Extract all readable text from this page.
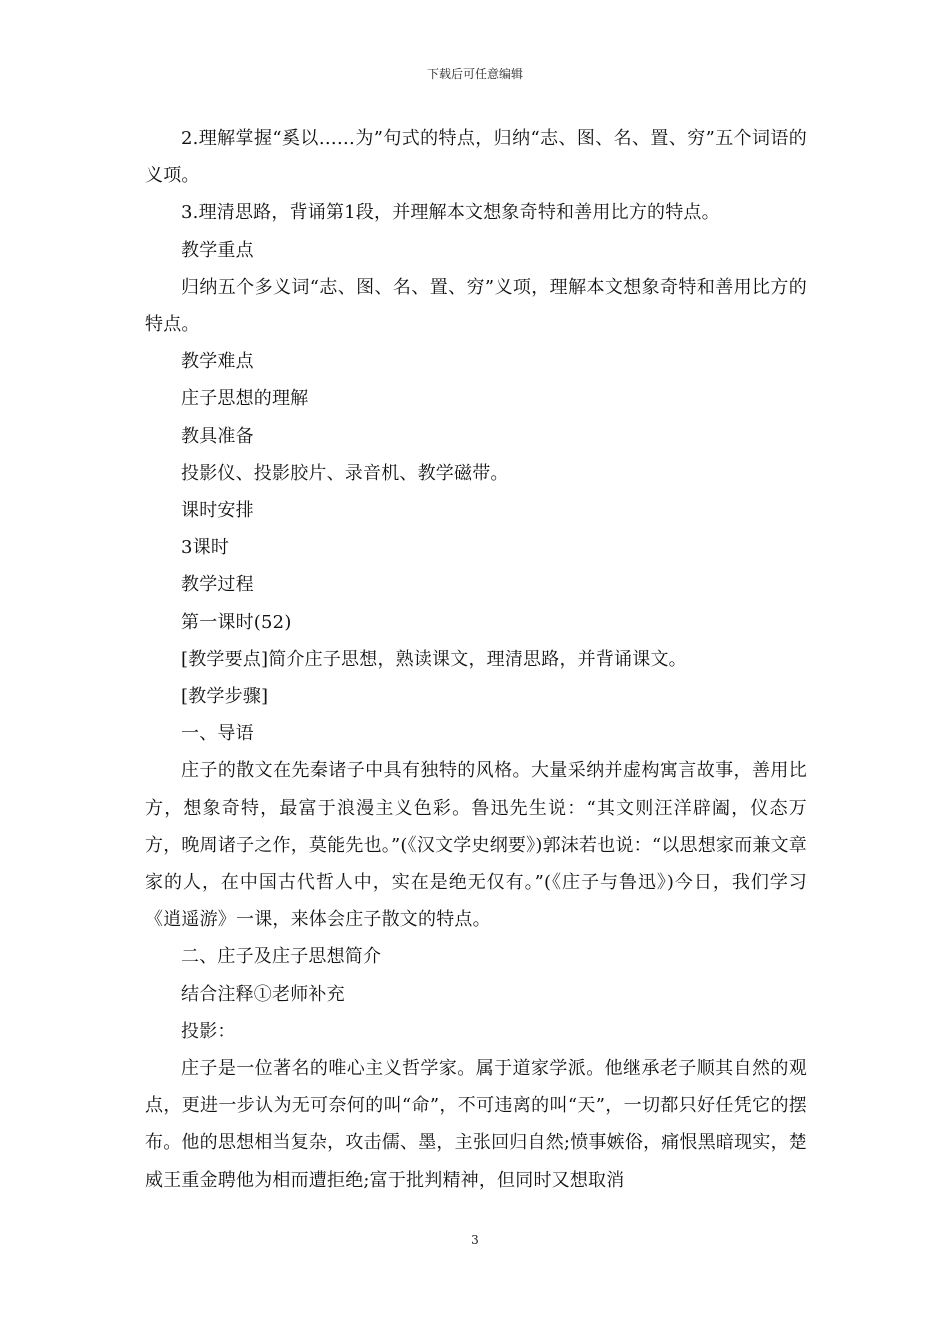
下载后可任意编辑

2.理解掌握“奚以……为”句式的特点，归纳“志、图、名、置、穷”五个词语的义项。

3.理清思路，背诵第1段，并理解本文想象奇特和善用比方的特点。

教学重点

归纳五个多义词“志、图、名、置、穷”义项，理解本文想象奇特和善用比方的特点。

教学难点

庄子思想的理解

教具准备

投影仪、投影胶片、录音机、教学磁带。

课时安排

3课时

教学过程

第一课时(52)

[教学要点]简介庄子思想，熟读课文，理清思路，并背诵课文。

[教学步骤]

一、导语

庄子的散文在先秦诸子中具有独特的风格。大量采纳并虚构寓言故事，善用比方，想象奇特，最富于浪漫主义色彩。鲁迅先生说：“其文则汪洋辟阖，仪态万方，晚周诸子之作，莫能先也。”(《汉文学史纲要》)郭沫若也说：“以思想家而兼文章家的人，在中国古代哲人中，实在是绝无仅有。”(《庄子与鲁迅》)今日，我们学习《逍遥游》一课，来体会庄子散文的特点。

二、庄子及庄子思想简介

结合注释①老师补充

投影：

庄子是一位著名的唯心主义哲学家。属于道家学派。他继承老子顺其自然的观点，更进一步认为无可奈何的叫“命”，不可违离的叫“天”，一切都只好任凭它的摆布。他的思想相当复杂，攻击儒、墨，主张回归自然;愤事嫉俗，痛恨黑暗现实，楚威王重金聘他为相而遭拒绝;富于批判精神，但同时又想取消

3
